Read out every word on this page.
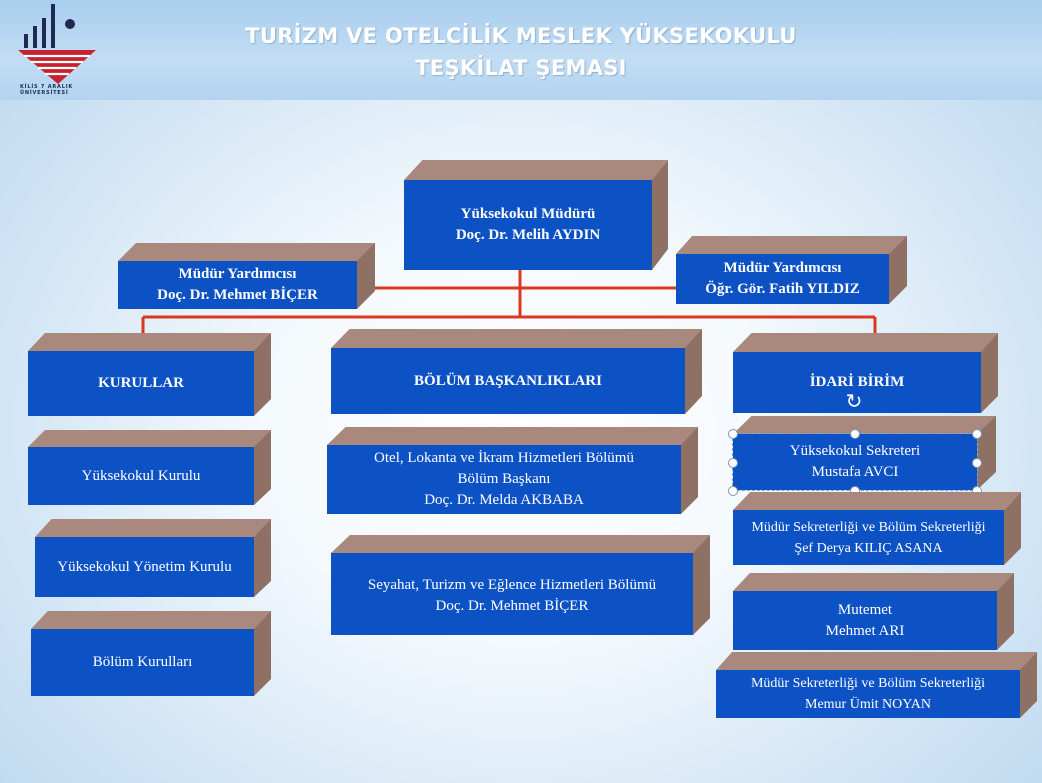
KİLİS 7 ARALIK
ÜNİVERSİTESİ
TURİZM VE OTELCİLİK MESLEK YÜKSEKOKULU
TEŞKİLAT ŞEMASI
Yüksekokul Müdürü
Doç. Dr. Melih AYDIN
Müdür Yardımcısı
Doç. Dr. Mehmet BİÇER
Müdür Yardımcısı
Öğr. Gör. Fatih YILDIZ
KURULLAR
Yüksekokul Kurulu
Yüksekokul Yönetim Kurulu
Bölüm Kurulları
BÖLÜM BAŞKANLIKLARI
Otel, Lokanta ve İkram Hizmetleri Bölümü
Bölüm Başkanı
Doç. Dr. Melda AKBABA
Seyahat, Turizm ve Eğlence Hizmetleri Bölümü
Doç. Dr. Mehmet BİÇER
İDARİ BİRİM
↻
Yüksekokul Sekreteri
Mustafa AVCI
Müdür Sekreterliği ve Bölüm Sekreterliği
Şef Derya KILIÇ ASANA
Mutemet
Mehmet ARI
Müdür Sekreterliği ve Bölüm Sekreterliği
Memur Ümit NOYAN
